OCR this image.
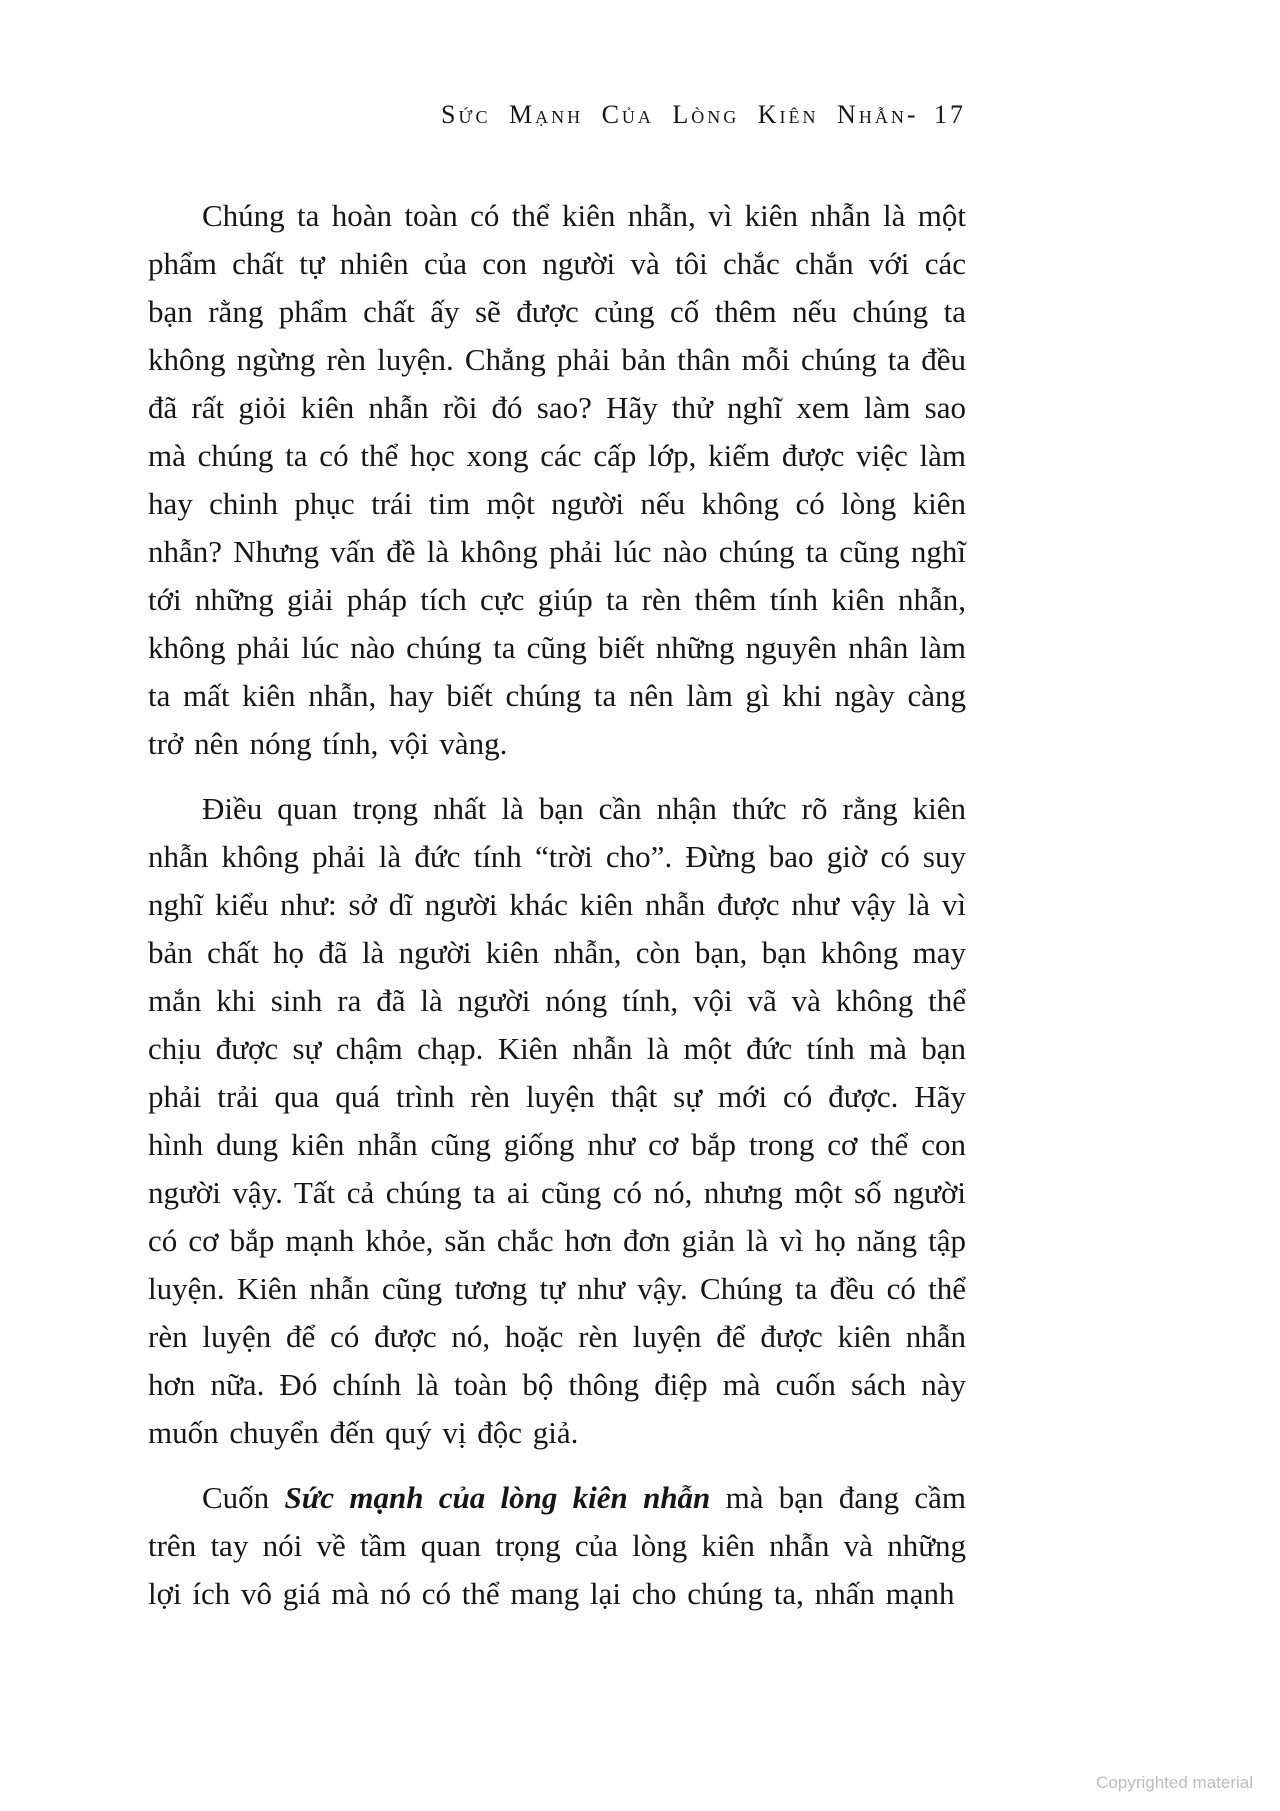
Sức Mạnh Của Lòng Kiên Nhẫn- 17

Chúng ta hoàn toàn có thể kiên nhẫn, vì kiên nhẫn là một phẩm chất tự nhiên của con người và tôi chắc chắn với các bạn rằng phẩm chất ấy sẽ được củng cố thêm nếu chúng ta không ngừng rèn luyện. Chẳng phải bản thân mỗi chúng ta đều đã rất giỏi kiên nhẫn rồi đó sao? Hãy thử nghĩ xem làm sao mà chúng ta có thể học xong các cấp lớp, kiếm được việc làm hay chinh phục trái tim một người nếu không có lòng kiên nhẫn? Nhưng vấn đề là không phải lúc nào chúng ta cũng nghĩ tới những giải pháp tích cực giúp ta rèn thêm tính kiên nhẫn, không phải lúc nào chúng ta cũng biết những nguyên nhân làm ta mất kiên nhẫn, hay biết chúng ta nên làm gì khi ngày càng trở nên nóng tính, vội vàng.

Điều quan trọng nhất là bạn cần nhận thức rõ rằng kiên nhẫn không phải là đức tính “trời cho”. Đừng bao giờ có suy nghĩ kiểu như: sở dĩ người khác kiên nhẫn được như vậy là vì bản chất họ đã là người kiên nhẫn, còn bạn, bạn không may mắn khi sinh ra đã là người nóng tính, vội vã và không thể chịu được sự chậm chạp. Kiên nhẫn là một đức tính mà bạn phải trải qua quá trình rèn luyện thật sự mới có được. Hãy hình dung kiên nhẫn cũng giống như cơ bắp trong cơ thể con người vậy. Tất cả chúng ta ai cũng có nó, nhưng một số người có cơ bắp mạnh khỏe, săn chắc hơn đơn giản là vì họ năng tập luyện. Kiên nhẫn cũng tương tự như vậy. Chúng ta đều có thể rèn luyện để có được nó, hoặc rèn luyện để được kiên nhẫn hơn nữa. Đó chính là toàn bộ thông điệp mà cuốn sách này muốn chuyển đến quý vị độc giả.

Cuốn Sức mạnh của lòng kiên nhẫn mà bạn đang cầm trên tay nói về tầm quan trọng của lòng kiên nhẫn và những lợi ích vô giá mà nó có thể mang lại cho chúng ta, nhấn mạnh

Copyrighted material
